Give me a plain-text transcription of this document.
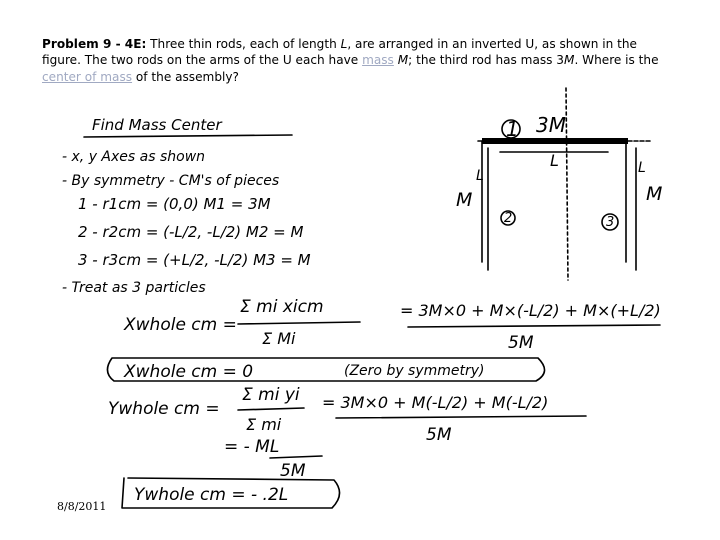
Problem 9 - 4E: Three thin rods, each of length L, are arranged in an inverted U, as shown in the figure. The two rods on the arms of the U each have mass M; the third rod has mass 3M. Where is the center of mass of the assembly?
Find Mass Center
- x, y Axes as shown
- By symmetry - CM's of pieces
1 - r1cm = (0,0) M1 = 3M
2 - r2cm = (-L/2, -L/2) M2 = M
3 - r3cm = (+L/2, -L/2) M3 = M
- Treat as 3 particles
Xwhole cm =
Σ mi xicm
Σ Mi
= 3M×0 + M×(-L/2) + M×(+L/2)
5M
Xwhole cm = 0	(Zero by symmetry)
Ywhole cm =
Σ mi yi
Σ mi
= 3M×0 + M(-L/2) + M(-L/2)
5M
= - ML
5M
Ywhole cm = - .2L
1 3M
L
L	L
M	M
2	3
8/8/2011
